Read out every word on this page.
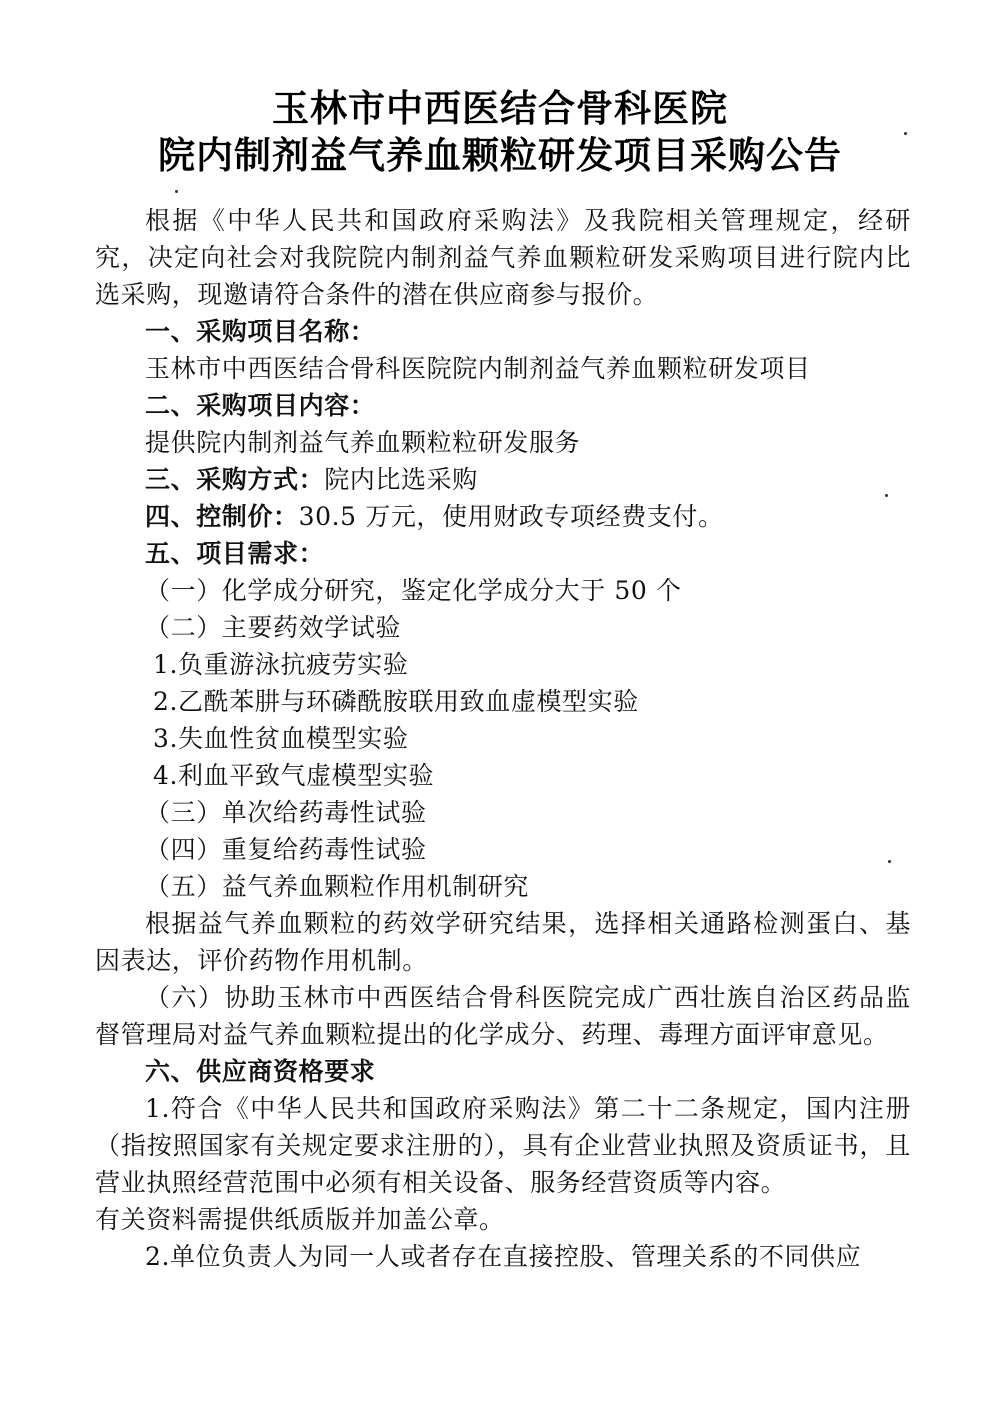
玉林市中西医结合骨科医院
院内制剂益气养血颗粒研发项目采购公告

根据《中华人民共和国政府采购法》及我院相关管理规定，经研究，决定向社会对我院院内制剂益气养血颗粒研发采购项目进行院内比选采购，现邀请符合条件的潜在供应商参与报价。

一、采购项目名称：

玉林市中西医结合骨科医院院内制剂益气养血颗粒研发项目

二、采购项目内容：

提供院内制剂益气养血颗粒粒研发服务

三、采购方式：院内比选采购

四、控制价：30.5 万元，使用财政专项经费支付。

五、项目需求：

（一）化学成分研究，鉴定化学成分大于 50 个

（二）主要药效学试验

1.负重游泳抗疲劳实验

2.乙酰苯肼与环磷酰胺联用致血虚模型实验

3.失血性贫血模型实验

4.利血平致气虚模型实验

（三）单次给药毒性试验

（四）重复给药毒性试验

（五）益气养血颗粒作用机制研究

根据益气养血颗粒的药效学研究结果，选择相关通路检测蛋白、基因表达，评价药物作用机制。

（六）协助玉林市中西医结合骨科医院完成广西壮族自治区药品监督管理局对益气养血颗粒提出的化学成分、药理、毒理方面评审意见。

六、供应商资格要求

1.符合《中华人民共和国政府采购法》第二十二条规定，国内注册（指按照国家有关规定要求注册的），具有企业营业执照及资质证书，且营业执照经营范围中必须有相关设备、服务经营资质等内容。

有关资料需提供纸质版并加盖公章。

2.单位负责人为同一人或者存在直接控股、管理关系的不同供应
